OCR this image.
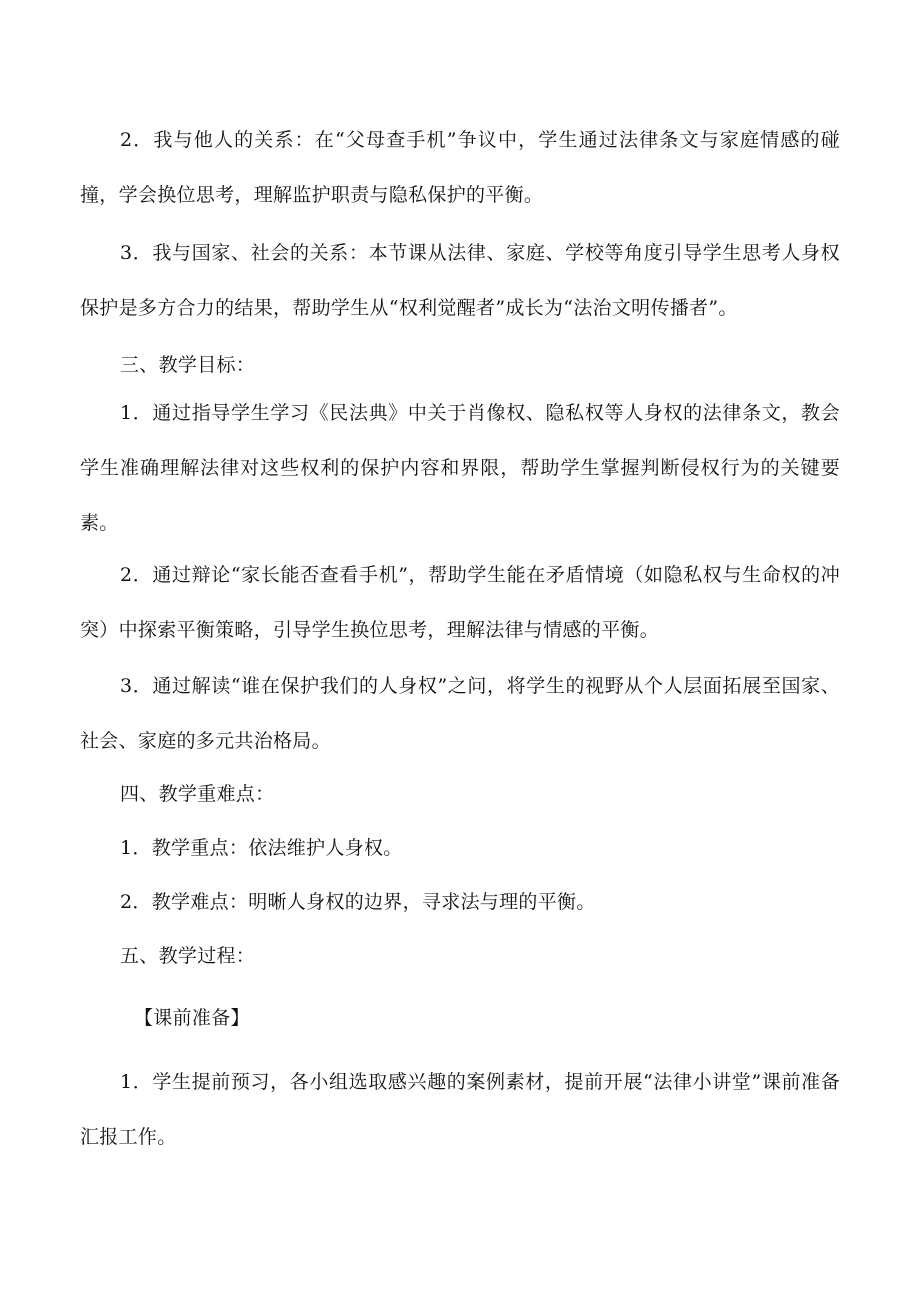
2．我与他人的关系：在“父母查手机”争议中，学生通过法律条文与家庭情感的碰撞，学会换位思考，理解监护职责与隐私保护的平衡。

3．我与国家、社会的关系：本节课从法律、家庭、学校等角度引导学生思考人身权保护是多方合力的结果，帮助学生从“权利觉醒者”成长为“法治文明传播者”。

三、教学目标：

1．通过指导学生学习《民法典》中关于肖像权、隐私权等人身权的法律条文，教会学生准确理解法律对这些权利的保护内容和界限，帮助学生掌握判断侵权行为的关键要素。

2．通过辩论“家长能否查看手机”，帮助学生能在矛盾情境（如隐私权与生命权的冲突）中探索平衡策略，引导学生换位思考，理解法律与情感的平衡。

3．通过解读“谁在保护我们的人身权”之问，将学生的视野从个人层面拓展至国家、社会、家庭的多元共治格局。

四、教学重难点：

1．教学重点：依法维护人身权。

2．教学难点：明晰人身权的边界，寻求法与理的平衡。

五、教学过程：

【课前准备】

1．学生提前预习，各小组选取感兴趣的案例素材，提前开展“法律小讲堂”课前准备汇报工作。
